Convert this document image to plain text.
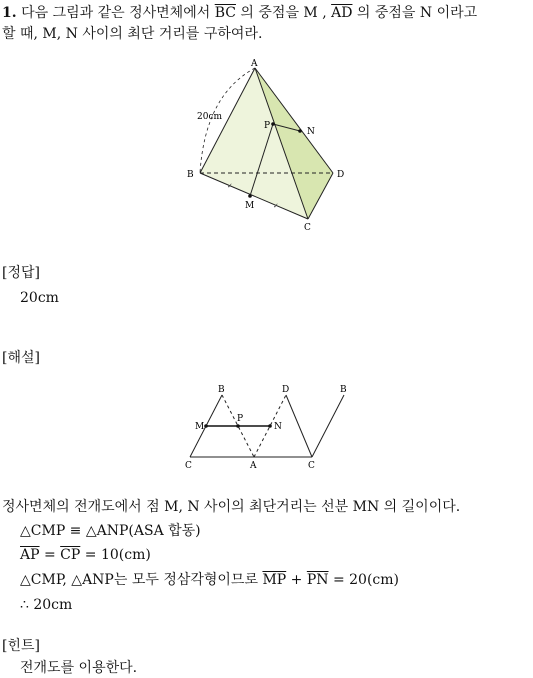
1. 다음 그림과 같은 정사면체에서 $\overline{BC}$ 의 중점을 M , $\overline{AD}$ 의 중점을 N 이라고
할 때, M, N 사이의 최단 거리를 구하여라.
✓
✓
A
B
C
D
M
P
N
20cm
[정답]
20cm
[해설]
B	D	B
M
P
N
C	A	C
정사면체의 전개도에서 점 M, N 사이의 최단거리는 선분 MN 의 길이이다.
△CMP ≡ △ANP(ASA 합동)
$\overline{AP} = \overline{CP} = 10(cm)$
△CMP, △ANP는 모두 정삼각형이므로 $\overline{MP} + \overline{PN} = 20(cm)$
∴ 20cm
[힌트]
전개도를 이용한다.
